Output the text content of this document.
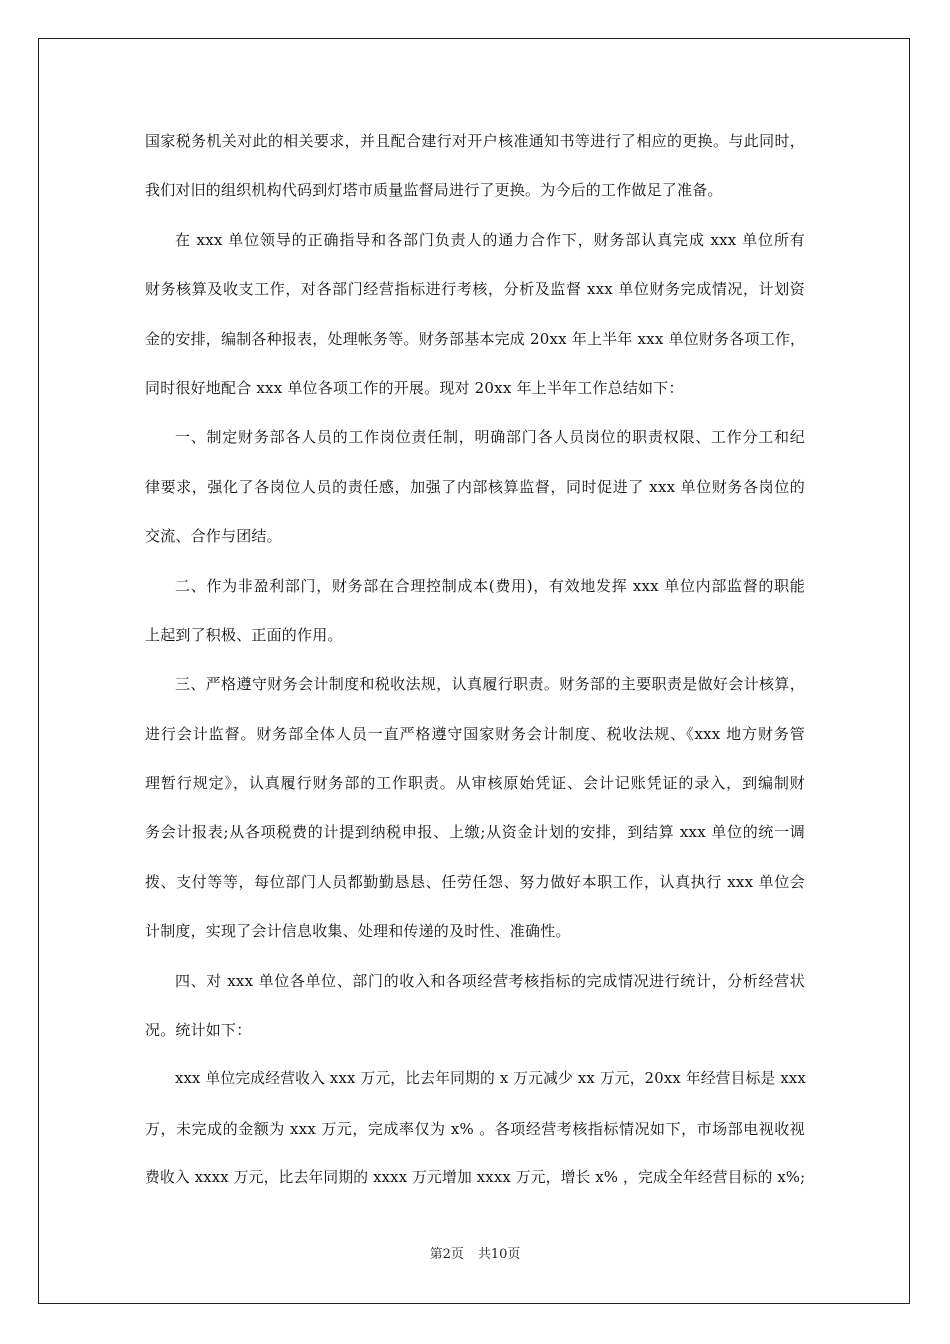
国家税务机关对此的相关要求，并且配合建行对开户核准通知书等进行了相应的更换。与此同时，
我们对旧的组织机构代码到灯塔市质量监督局进行了更换。为今后的工作做足了准备。
在 xxx 单位领导的正确指导和各部门负责人的通力合作下，财务部认真完成 xxx 单位所有
财务核算及收支工作，对各部门经营指标进行考核，分析及监督 xxx 单位财务完成情况，计划资
金的安排，编制各种报表，处理帐务等。财务部基本完成 20xx 年上半年 xxx 单位财务各项工作，
同时很好地配合 xxx 单位各项工作的开展。现对 20xx 年上半年工作总结如下：
一、制定财务部各人员的工作岗位责任制，明确部门各人员岗位的职责权限、工作分工和纪
律要求，强化了各岗位人员的责任感，加强了内部核算监督，同时促进了 xxx 单位财务各岗位的
交流、合作与团结。
二、作为非盈利部门，财务部在合理控制成本(费用)，有效地发挥 xxx 单位内部监督的职能
上起到了积极、正面的作用。
三、严格遵守财务会计制度和税收法规，认真履行职责。财务部的主要职责是做好会计核算，
进行会计监督。财务部全体人员一直严格遵守国家财务会计制度、税收法规、《xxx 地方财务管
理暂行规定》，认真履行财务部的工作职责。从审核原始凭证、会计记账凭证的录入，到编制财
务会计报表;从各项税费的计提到纳税申报、上缴;从资金计划的安排，到结算 xxx 单位的统一调
拨、支付等等，每位部门人员都勤勤恳恳、任劳任怨、努力做好本职工作，认真执行 xxx 单位会
计制度，实现了会计信息收集、处理和传递的及时性、准确性。
四、对 xxx 单位各单位、部门的收入和各项经营考核指标的完成情况进行统计，分析经营状
况。统计如下：
xxx 单位完成经营收入 xxx 万元，比去年同期的 x 万元减少 xx 万元，20xx 年经营目标是 xxx
万，未完成的金额为 xxx 万元，完成率仅为 x% 。各项经营考核指标情况如下，市场部电视收视
费收入 xxxx 万元，比去年同期的 xxxx 万元增加 xxxx 万元，增长 x% ，完成全年经营目标的 x%;
第2页 共10页
